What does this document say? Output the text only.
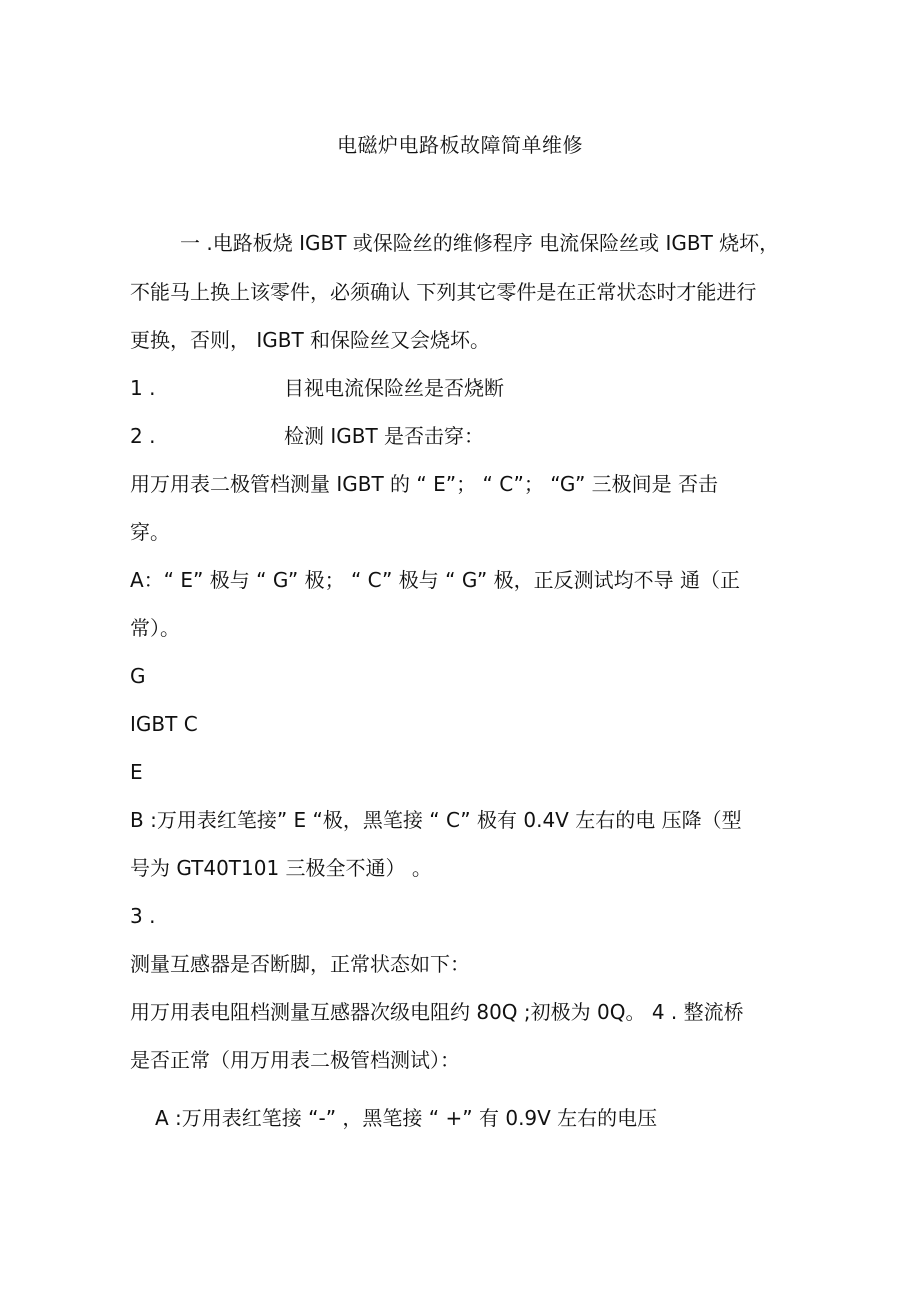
电磁炉电路板故障简单维修
一 .电路板烧 IGBT 或保险丝的维修程序 电流保险丝或 IGBT 烧坏，
不能马上换上该零件，必须确认 下列其它零件是在正常状态时才能进行
更换，否则， IGBT 和保险丝又会烧坏。
1 .	目视电流保险丝是否烧断
2 .	检测 IGBT 是否击穿：
用万用表二极管档测量 IGBT 的 “ E”； “ C”； “G” 三极间是 否击
穿。
A：“ E” 极与 “ G” 极； “ C” 极与 “ G” 极，正反测试均不导 通（正
常）。
G
IGBT C
E
B :万用表红笔接” E “极，黑笔接 “ C” 极有 0.4V 左右的电 压降（型
号为 GT40T101 三极全不通） 。
3 .
测量互感器是否断脚，正常状态如下：
用万用表电阻档测量互感器次级电阻约 80Q ;初极为 0Q。 4 . 整流桥
是否正常（用万用表二极管档测试）：
A :万用表红笔接 “-” ，黑笔接 “ +” 有 0.9V 左右的电压
